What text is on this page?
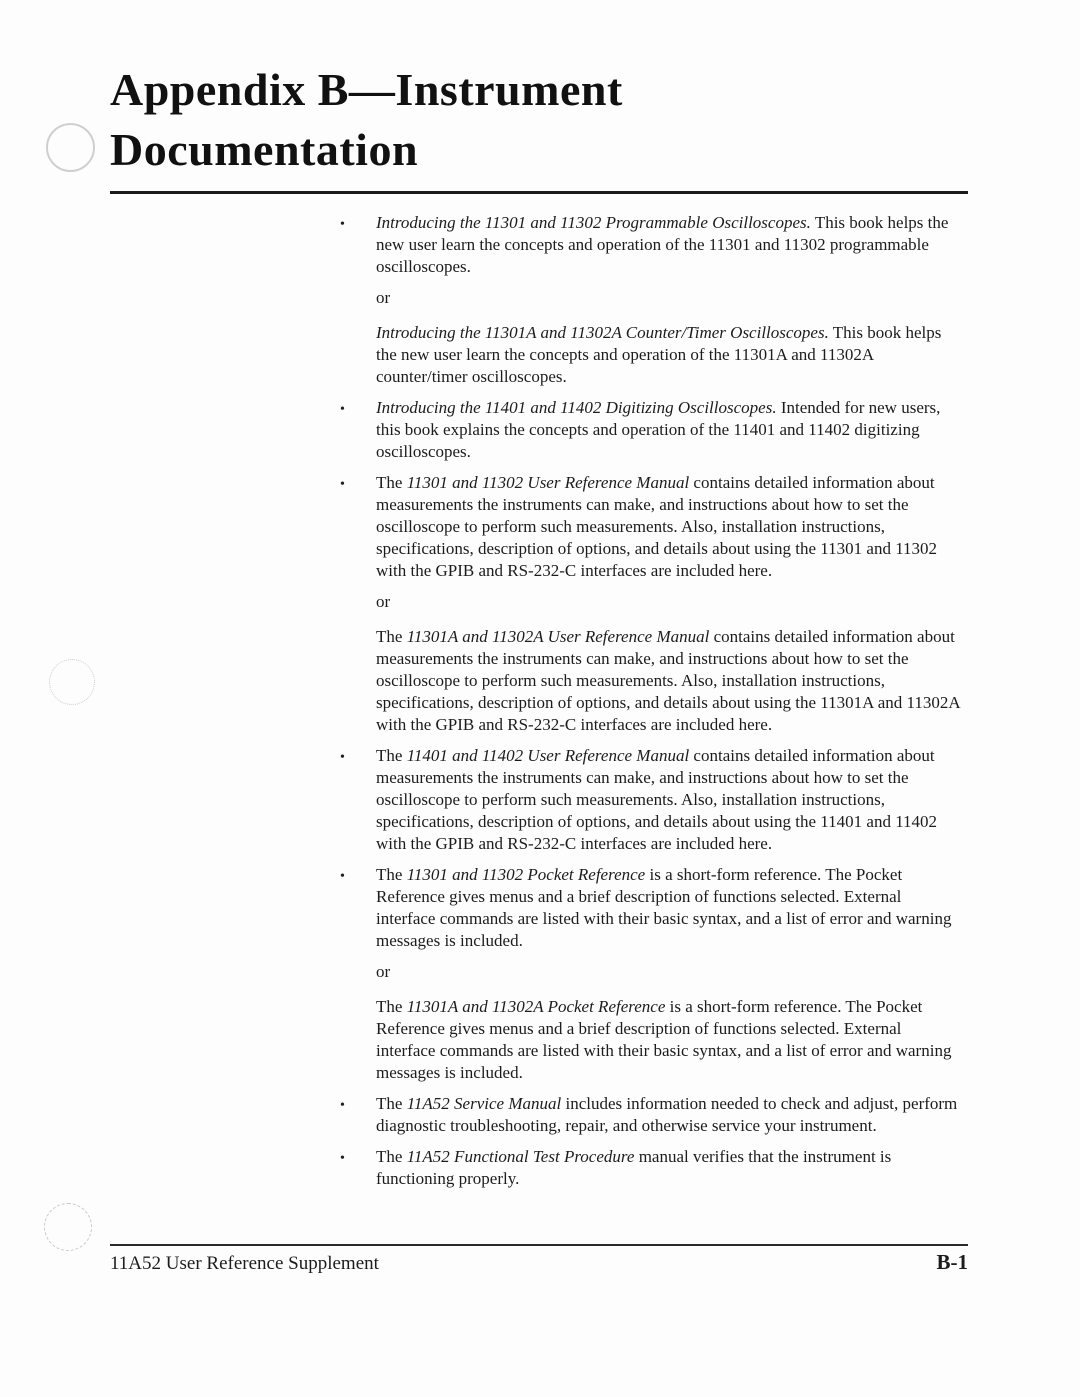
Appendix B—Instrument
Documentation
•	Introducing the 11301 and 11302 Programmable Oscilloscopes. This book helps the new user learn the concepts and operation of the 11301 and 11302 programmable oscilloscopes.
or
Introducing the 11301A and 11302A Counter/Timer Oscilloscopes. This book helps the new user learn the concepts and operation of the 11301A and 11302A counter/timer oscilloscopes.
•	Introducing the 11401 and 11402 Digitizing Oscilloscopes. Intended for new users, this book explains the concepts and operation of the 11401 and 11402 digitizing oscilloscopes.
•	The 11301 and 11302 User Reference Manual contains detailed information about measurements the instruments can make, and instructions about how to set the oscilloscope to perform such measurements. Also, installation instructions, specifications, description of options, and details about using the 11301 and 11302 with the GPIB and RS-232-C interfaces are included here.
or
The 11301A and 11302A User Reference Manual contains detailed information about measurements the instruments can make, and instructions about how to set the oscilloscope to perform such measurements. Also, installation instructions, specifications, description of options, and details about using the 11301A and 11302A with the GPIB and RS-232-C interfaces are included here.
•	The 11401 and 11402 User Reference Manual contains detailed information about measurements the instruments can make, and instructions about how to set the oscilloscope to perform such measurements. Also, installation instructions, specifications, description of options, and details about using the 11401 and 11402 with the GPIB and RS-232-C interfaces are included here.
•	The 11301 and 11302 Pocket Reference is a short-form reference. The Pocket Reference gives menus and a brief description of functions selected. External interface commands are listed with their basic syntax, and a list of error and warning messages is included.
or
The 11301A and 11302A Pocket Reference is a short-form reference. The Pocket Reference gives menus and a brief description of functions selected. External interface commands are listed with their basic syntax, and a list of error and warning messages is included.
•	The 11A52 Service Manual includes information needed to check and adjust, perform diagnostic troubleshooting, repair, and otherwise service your instrument.
•	The 11A52 Functional Test Procedure manual verifies that the instrument is functioning properly.
11A52 User Reference Supplement	B-1
